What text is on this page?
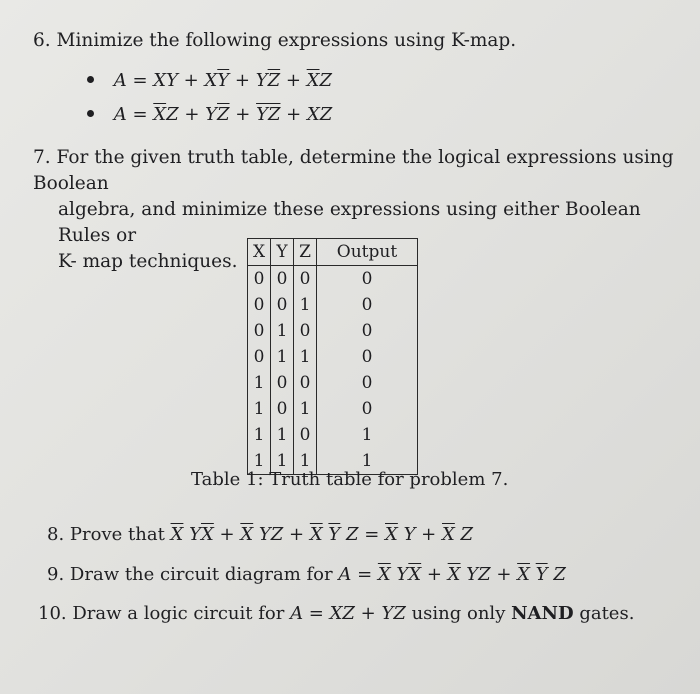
6. Minimize the following expressions using K-map.
A = XY + $X\overline{Y} + Y\overline{Z} + \overline{X}Z$
$A = \overline{X}Z + Y\overline{Z} + \overline{YZ}$ + XZ
7. For the given truth table, determine the logical expressions using Boolean
algebra, and minimize these expressions using either Boolean Rules or
K- map techniques. X	Y	Z	Output
0	0	0	0
0	0	1	0
0	1	0	0
0	1	1	0
1	0	0	0
1	0	1	0
1	1	0	1
1	1	1	1
Table 1: Truth table for problem 7.
8. Prove that $\overline{X}$ $Y\overline{X} + \overline{X}$ YZ + $\overline{X}$ $\overline{Y}$ $Z = \overline{X}$ $Y + \overline{X}$ Z
9. Draw the circuit diagram for $A = \overline{X}$ $Y\overline{X} + \overline{X}$ YZ + $\overline{X}$ $\overline{Y}$ Z
10. Draw a logic circuit for A = XZ + YZ using only NAND gates.
